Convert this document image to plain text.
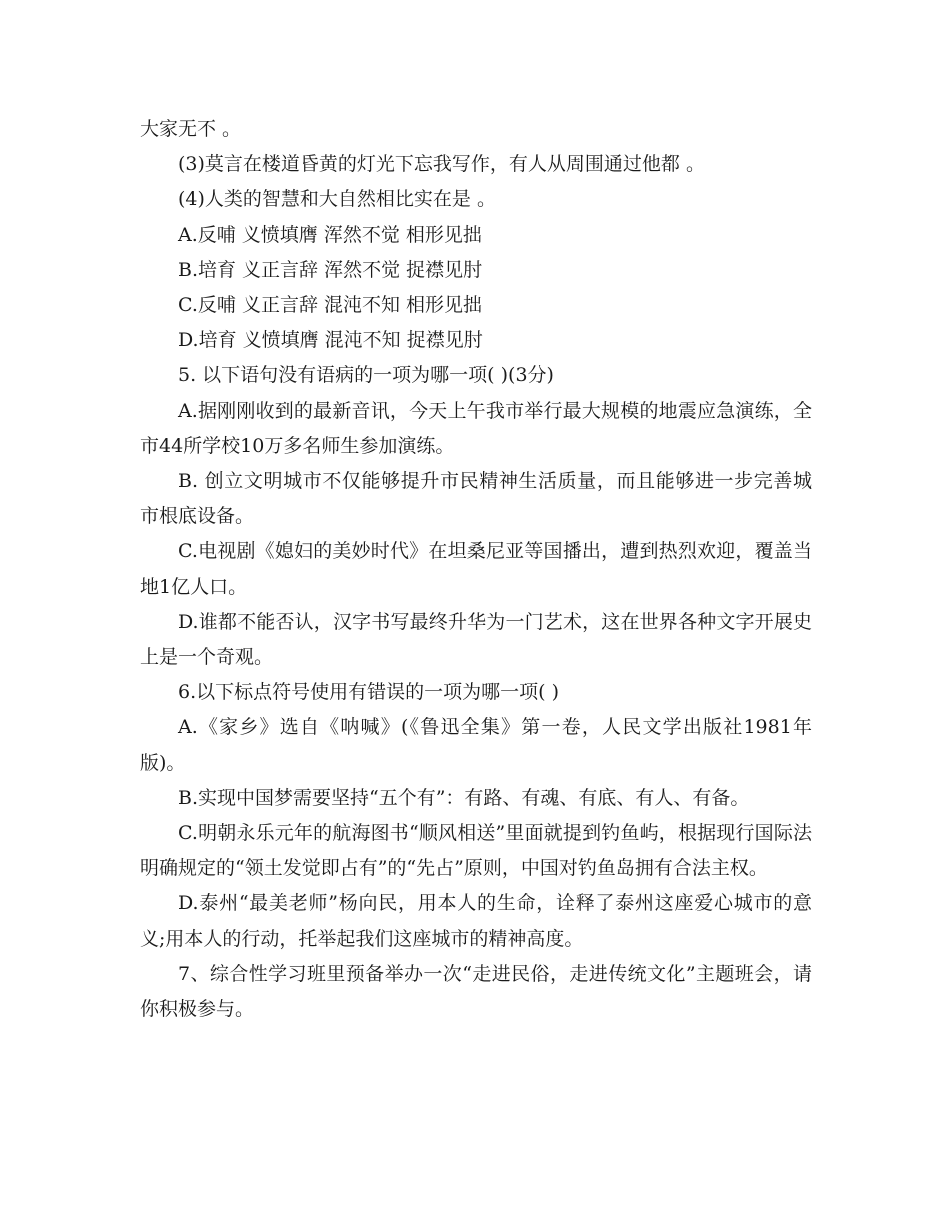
大家无不 。

(3)莫言在楼道昏黄的灯光下忘我写作，有人从周围通过他都 。

(4)人类的智慧和大自然相比实在是 。

A.反哺 义愤填膺 浑然不觉 相形见拙

B.培育 义正言辞 浑然不觉 捉襟见肘

C.反哺 义正言辞 混沌不知 相形见拙

D.培育 义愤填膺 混沌不知 捉襟见肘

5. 以下语句没有语病的一项为哪一项( )(3分)

A.据刚刚收到的最新音讯，今天上午我市举行最大规模的地震应急演练，全市44所学校10万多名师生参加演练。

B. 创立文明城市不仅能够提升市民精神生活质量，而且能够进一步完善城市根底设备。

C.电视剧《媳妇的美妙时代》在坦桑尼亚等国播出，遭到热烈欢迎，覆盖当地1亿人口。

D.谁都不能否认，汉字书写最终升华为一门艺术，这在世界各种文字开展史上是一个奇观。

6.以下标点符号使用有错误的一项为哪一项( )

A.《家乡》选自《呐喊》(《鲁迅全集》第一卷，人民文学出版社1981年版)。

B.实现中国梦需要坚持“五个有”：有路、有魂、有底、有人、有备。

C.明朝永乐元年的航海图书“顺风相送”里面就提到钓鱼屿，根据现行国际法明确规定的“领土发觉即占有”的“先占”原则，中国对钓鱼岛拥有合法主权。

D.泰州“最美老师”杨向民，用本人的生命，诠释了泰州这座爱心城市的意义;用本人的行动，托举起我们这座城市的精神高度。

7、综合性学习班里预备举办一次“走进民俗，走进传统文化”主题班会，请你积极参与。
